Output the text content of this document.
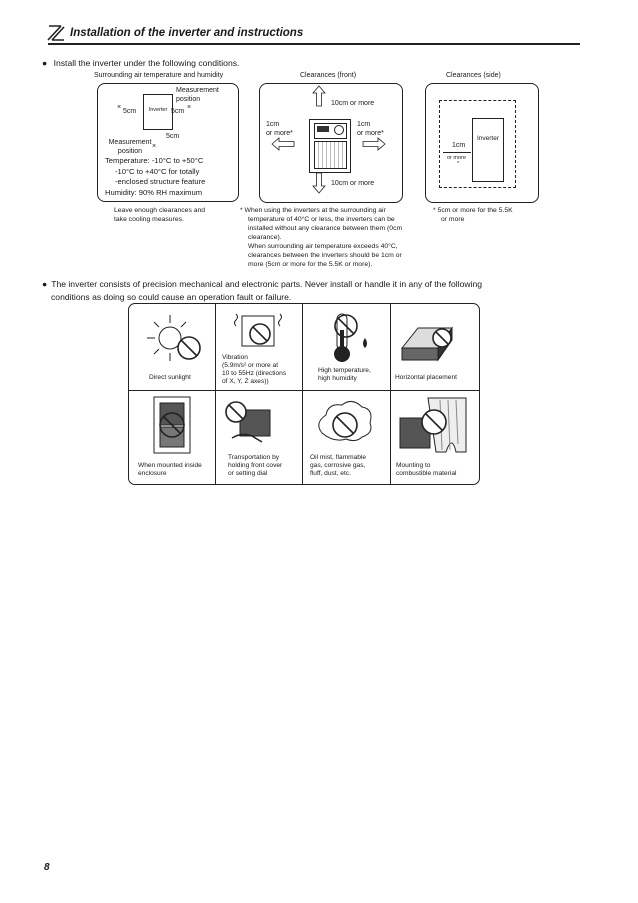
Installation of the inverter and instructions
● Install the inverter under the following conditions.
Surrounding air temperature and humidity
Inverter
Measurement position
5cm	5cm
×	×
×
5cm
Measurement position
Temperature: -10°C to +50°C
-10°C to +40°C for totally
-enclosed structure feature
Humidity: 90% RH maximum
Leave enough clearances and
take cooling measures.
Clearances (front)
10cm or more
1cm
or more*
1cm
or more*
10cm or more
* When using the inverters at the surrounding air
temperature of 40°C or less, the inverters can be
installed without any clearance between them (0cm
clearance).
When surrounding air temperature exceeds 40°C,
clearances between the inverters should be 1cm or
more (5cm or more for the 5.5K or more).
Clearances (side)
Inverter
1cm
or more
*
* 5cm or more for the 5.5K
or more
● The inverter consists of precision mechanical and electronic parts. Never install or handle it in any of the following
conditions as doing so could cause an operation fault or failure.
Direct sunlight
Vibration
(5.9m/s² or more at
10 to 55Hz (directions
of X, Y, Z axes))
High temperature,
high humidity	Horizontal placement
When mounted inside
enclosure
Transportation by
holding front cover
or setting dial
Oil mist, flammable
gas, corrosive gas,
fluff, dust, etc.
Mounting to
combustible material
8
